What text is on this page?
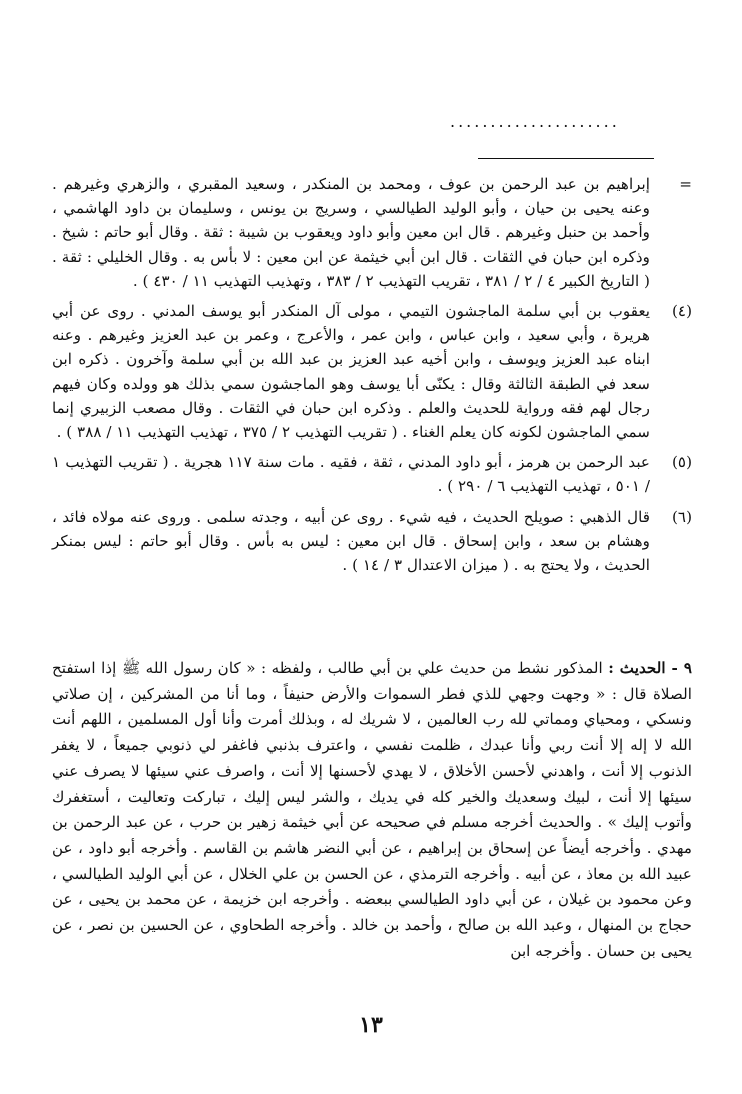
.....................
=
إبراهيم بن عبد الرحمن بن عوف ، ومحمد بن المنكدر ، وسعيد المقبري ، والزهري وغيرهم . وعنه يحيى بن حيان ، وأبو الوليد الطيالسي ، وسريج بن يونس ، وسليمان بن داود الهاشمي ، وأحمد بن حنبل وغيرهم . قال ابن معين وأبو داود ويعقوب بن شيبة : ثقة . وقال أبو حاتم : شيخ . وذكره ابن حبان في الثقات . قال ابن أبي خيثمة عن ابن معين : لا بأس به . وقال الخليلي : ثقة . ( التاريخ الكبير ٤ / ٢ / ٣٨١ ، تقريب التهذيب ٢ / ٣٨٣ ، وتهذيب التهذيب ١١ / ٤٣٠ ) .
(٤)
يعقوب بن أبي سلمة الماجشون التيمي ، مولى آل المنكدر أبو يوسف المدني . روى عن أبي هريرة ، وأبي سعيد ، وابن عباس ، وابن عمر ، والأعرج ، وعمر بن عبد العزيز وغيرهم . وعنه ابناه عبد العزيز ويوسف ، وابن أخيه عبد العزيز بن عبد الله بن أبي سلمة وآخرون . ذكره ابن سعد في الطبقة الثالثة وقال : يكنّى أبا يوسف وهو الماجشون سمي بذلك هو وولده وكان فيهم رجال لهم فقه ورواية للحديث والعلم . وذكره ابن حبان في الثقات . وقال مصعب الزبيري إنما سمي الماجشون لكونه كان يعلم الغناء . ( تقريب التهذيب ٢ / ٣٧٥ ، تهذيب التهذيب ١١ / ٣٨٨ ) .
(٥)
عبد الرحمن بن هرمز ، أبو داود المدني ، ثقة ، فقيه . مات سنة ١١٧ هجرية . ( تقريب التهذيب ١ / ٥٠١ ، تهذيب التهذيب ٦ / ٢٩٠ ) .
(٦)
قال الذهبي : صويلح الحديث ، فيه شيء . روى عن أبيه ، وجدته سلمى . وروى عنه مولاه فائد ، وهشام بن سعد ، وابن إسحاق . قال ابن معين : ليس به بأس . وقال أبو حاتم : ليس بمنكر الحديث ، ولا يحتج به . ( ميزان الاعتدال ٣ / ١٤ ) .
٩ - الحديث : المذكور نشط من حديث علي بن أبي طالب ، ولفظه : « كان رسول الله ﷺ إذا استفتح الصلاة قال : « وجهت وجهي للذي فطر السموات والأرض حنيفاً ، وما أنا من المشركين ، إن صلاتي ونسكي ، ومحياي ومماتي لله رب العالمين ، لا شريك له ، وبذلك أمرت وأنا أول المسلمين ، اللهم أنت الله لا إله إلا أنت ربي وأنا عبدك ، ظلمت نفسي ، واعترف بذنبي فاغفر لي ذنوبي جميعاً ، لا يغفر الذنوب إلا أنت ، واهدني لأحسن الأخلاق ، لا يهدي لأحسنها إلا أنت ، واصرف عني سيئها لا يصرف عني سيئها إلا أنت ، لبيك وسعديك والخير كله في يديك ، والشر ليس إليك ، تباركت وتعاليت ، أستغفرك وأتوب إليك » . والحديث أخرجه مسلم في صحيحه عن أبي خيثمة زهير بن حرب ، عن عبد الرحمن بن مهدي . وأخرجه أيضاً عن إسحاق بن إبراهيم ، عن أبي النضر هاشم بن القاسم . وأخرجه أبو داود ، عن عبيد الله بن معاذ ، عن أبيه . وأخرجه الترمذي ، عن الحسن بن علي الخلال ، عن أبي الوليد الطيالسي ، وعن محمود بن غيلان ، عن أبي داود الطيالسي ببعضه . وأخرجه ابن خزيمة ، عن محمد بن يحيى ، عن حجاج بن المنهال ، وعبد الله بن صالح ، وأحمد بن خالد . وأخرجه الطحاوي ، عن الحسين بن نصر ، عن يحيى بن حسان . وأخرجه ابن
١٣
